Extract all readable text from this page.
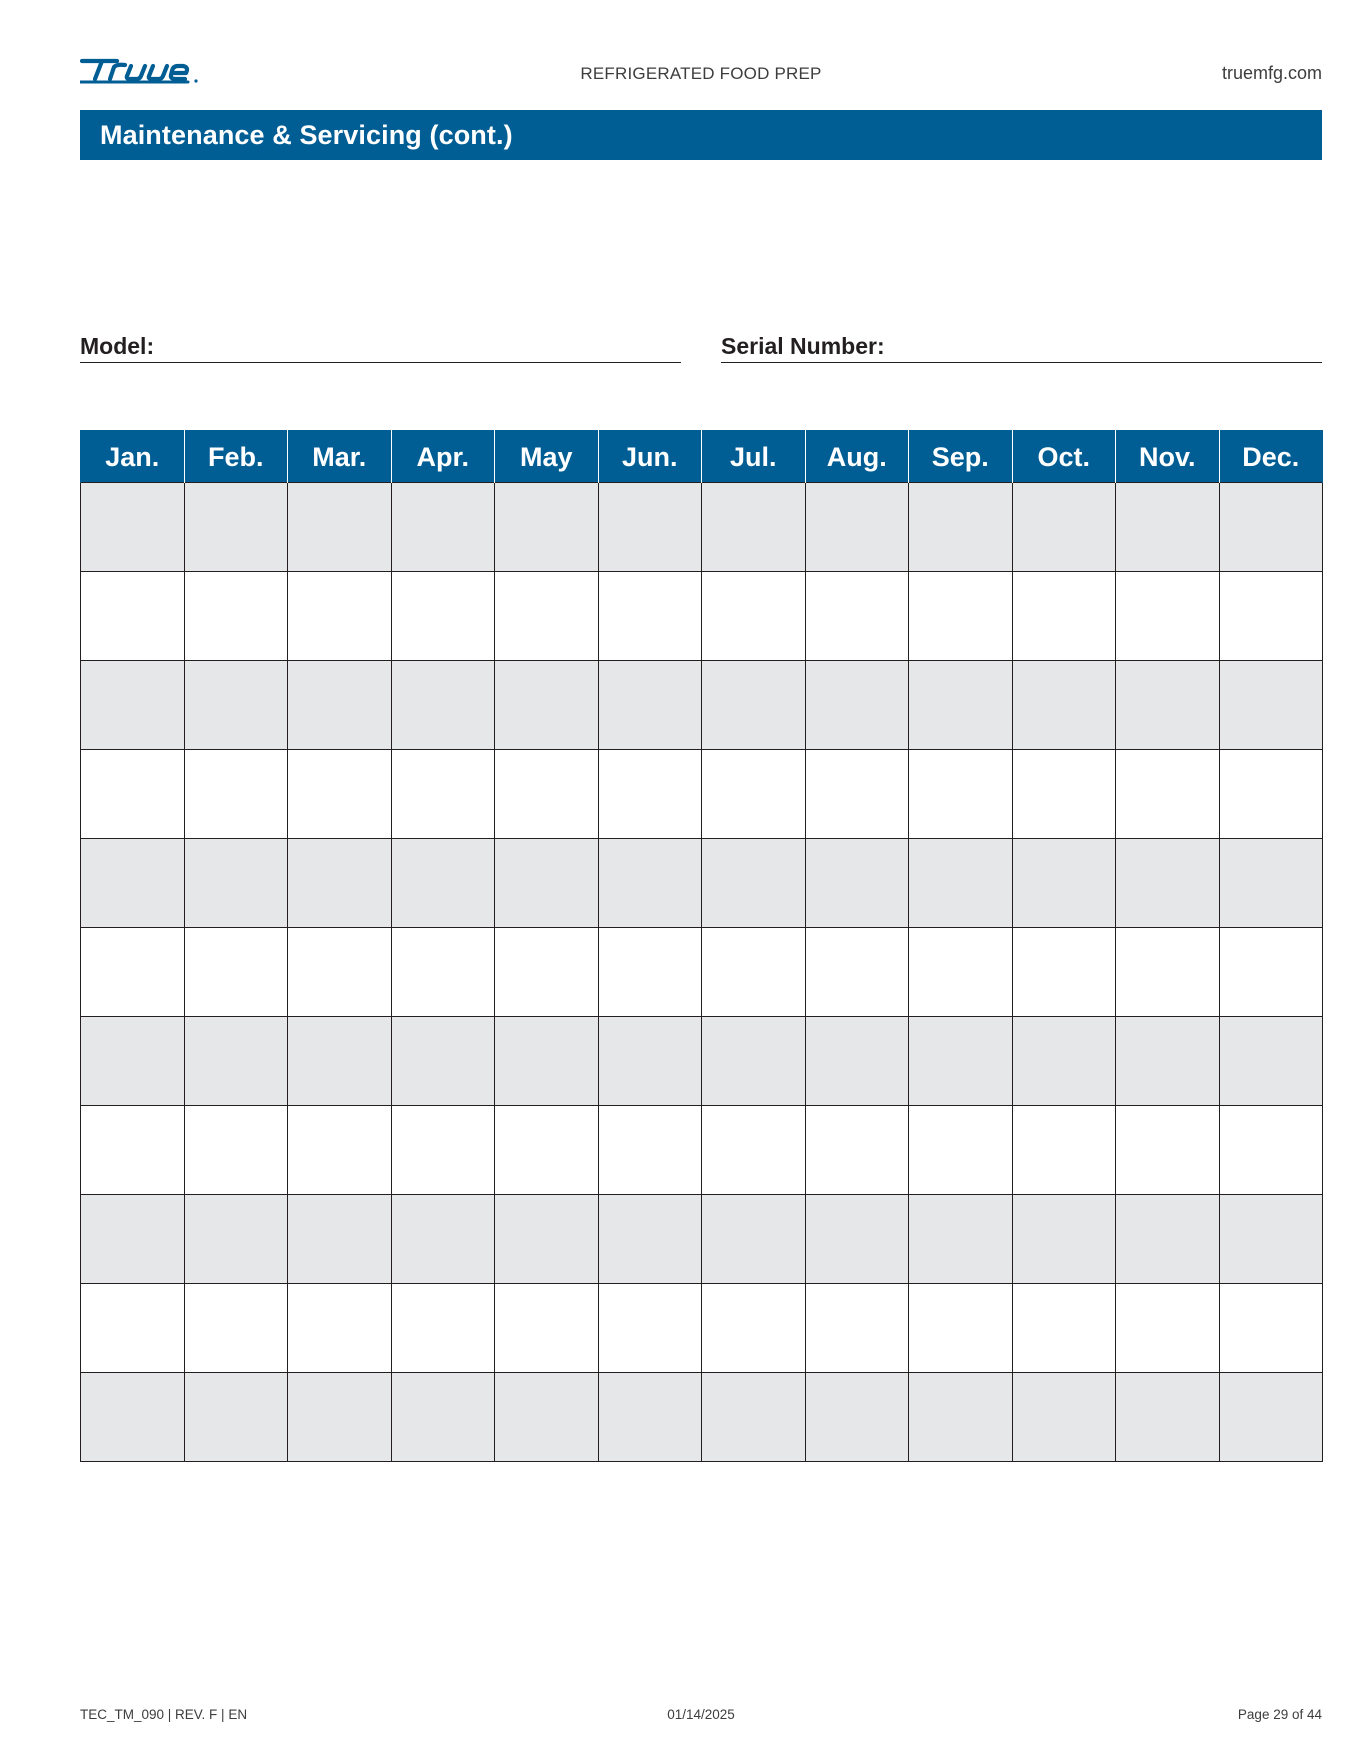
REFRIGERATED FOOD PREP	truemfg.com
Maintenance & Servicing (cont.)
Model:	Serial Number:
Jan.	Feb.	Mar.	Apr.	May	Jun.	Jul.	Aug.	Sep.	Oct.	Nov.	Dec.

TEC_TM_090 | REV. F | EN	01/14/2025	Page 29 of 44
